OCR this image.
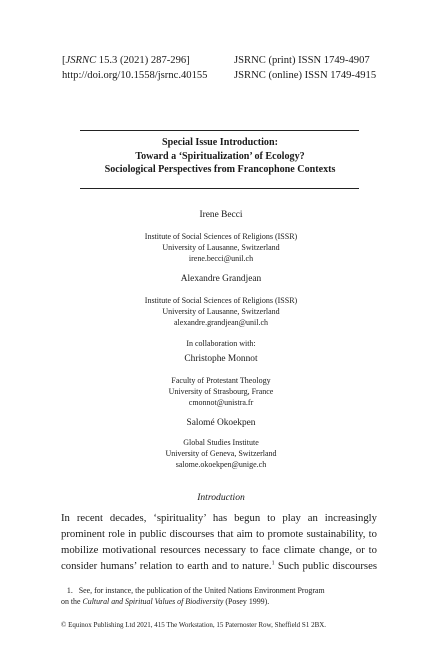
[JSRNC 15.3 (2021) 287-296]	JSRNC (print) ISSN 1749-4907
http://doi.org/10.1558/jsrnc.40155	JSRNC (online) ISSN 1749-4915
Special Issue Introduction:
Toward a ‘Spiritualization’ of Ecology?
Sociological Perspectives from Francophone Contexts
Irene Becci
Institute of Social Sciences of Religions (ISSR)
University of Lausanne, Switzerland
irene.becci@unil.ch
Alexandre Grandjean
Institute of Social Sciences of Religions (ISSR)
University of Lausanne, Switzerland
alexandre.grandjean@unil.ch
In collaboration with:
Christophe Monnot
Faculty of Protestant Theology
University of Strasbourg, France
cmonnot@unistra.fr
Salomé Okoekpen
Global Studies Institute
University of Geneva, Switzerland
salome.okoekpen@unige.ch
Introduction
In recent decades, ‘spirituality’ has begun to play an increasingly
prominent role in public discourses that aim to promote sustainability, to
mobilize motivational resources necessary to face climate change, or to
consider humans’ relation to earth and to nature.$^1$ Such public discourses
1. See, for instance, the publication of the United Nations Environment Program
on the Cultural and Spiritual Values of Biodiversity (Posey 1999).
© Equinox Publishing Ltd 2021, 415 The Workstation, 15 Paternoster Row, Sheffield S1 2BX.
